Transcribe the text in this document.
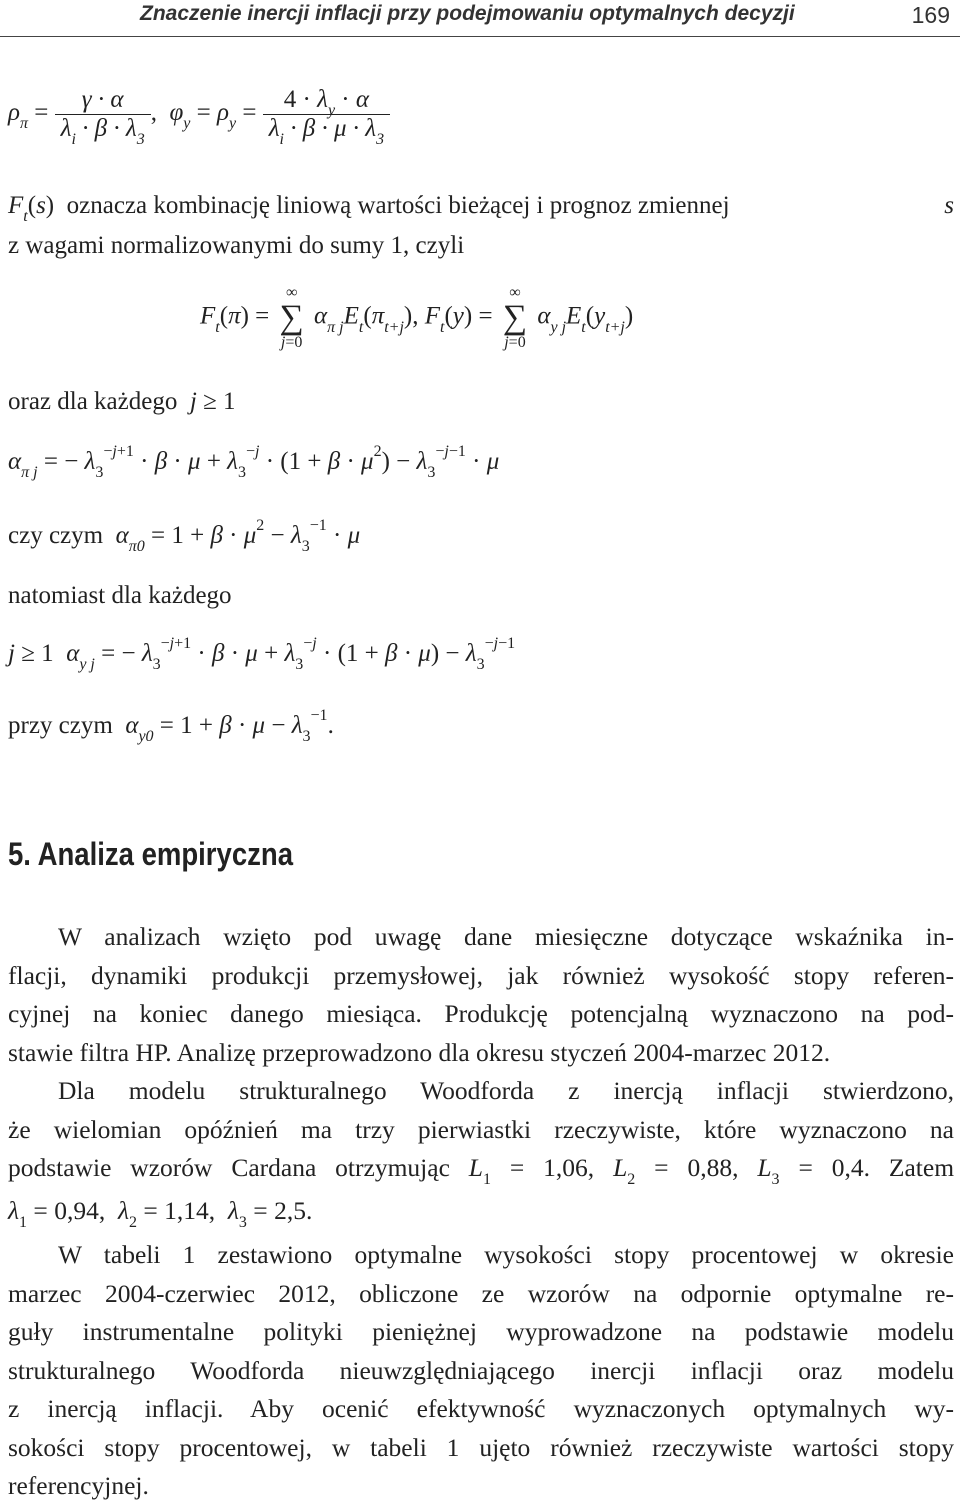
Znaczenie inercji inflacji przy podejmowaniu optymalnych decyzji	169
$\rho_\pi = \frac{\gamma \cdot \alpha}{\lambda_i \cdot \beta \cdot \lambda_3}$ ,  $\varphi_y = \rho_y = \frac{4 \cdot \lambda_y \cdot \alpha}{\lambda_i \cdot \beta \cdot \mu \cdot \lambda_3}$
$F_t(s)$  oznacza kombinację liniową wartości bieżącej i prognoz zmiennej	s
z wagami normalizowanymi do sumy 1, czyli
$F_t(\pi)$ =
∞
∑
j=0
$\alpha_{\pi j}E_t(\pi_{t+j})$, $F_t(y)$ =
∞
∑
j=0
$\alpha_{y j}E_t(y_{t+j})$
oraz dla każdego j ≥ 1
$\alpha_{\pi j}$ = − $\lambda_3^{-j+1} \cdot \beta \cdot \mu + \lambda_3^{-j} \cdot (1 + \beta \cdot \mu^2) - \lambda_3^{-j-1} \cdot \mu$
czy czym $\alpha_{\pi 0} = 1 + \beta \cdot \mu^2 - \lambda_3^{-1} \cdot \mu$
natomiast dla każdego
j ≥ 1  $\alpha_{y j}$ = − $\lambda_3^{-j+1} \cdot \beta \cdot \mu + \lambda_3^{-j} \cdot (1 + \beta \cdot \mu) - \lambda_3^{-j-1}$
przy czym $\alpha_{y0} = 1 + \beta \cdot \mu - \lambda_3^{-1}$.
5. Analiza empiryczna
W analizach wzięto pod uwagę dane miesięczne dotyczące wskaźnika in-
flacji, dynamiki produkcji przemysłowej, jak również wysokość stopy referen-
cyjnej na koniec danego miesiąca. Produkcję potencjalną wyznaczono na pod-
stawie filtra HP. Analizę przeprowadzono dla okresu styczeń 2004-marzec 2012.
Dla modelu strukturalnego Woodforda z inercją inflacji stwierdzono,
że wielomian opóźnień ma trzy pierwiastki rzeczywiste, które wyznaczono na
podstawie wzorów Cardana otrzymując $L_1 = 1,06$, $L_2 = 0,88$, $L_3 = 0,4$. Zatem
$\lambda_1 = 0,94$, $\lambda_2 = 1,14$, $\lambda_3 = 2,5$.
W tabeli 1 zestawiono optymalne wysokości stopy procentowej w okresie
marzec 2004-czerwiec 2012, obliczone ze wzorów na odpornie optymalne re-
guły instrumentalne polityki pieniężnej wyprowadzone na podstawie modelu
strukturalnego Woodforda nieuwzględniającego inercji inflacji oraz modelu
z inercją inflacji. Aby ocenić efektywność wyznaczonych optymalnych wy-
sokości stopy procentowej, w tabeli 1 ujęto również rzeczywiste wartości stopy
referencyjnej.
